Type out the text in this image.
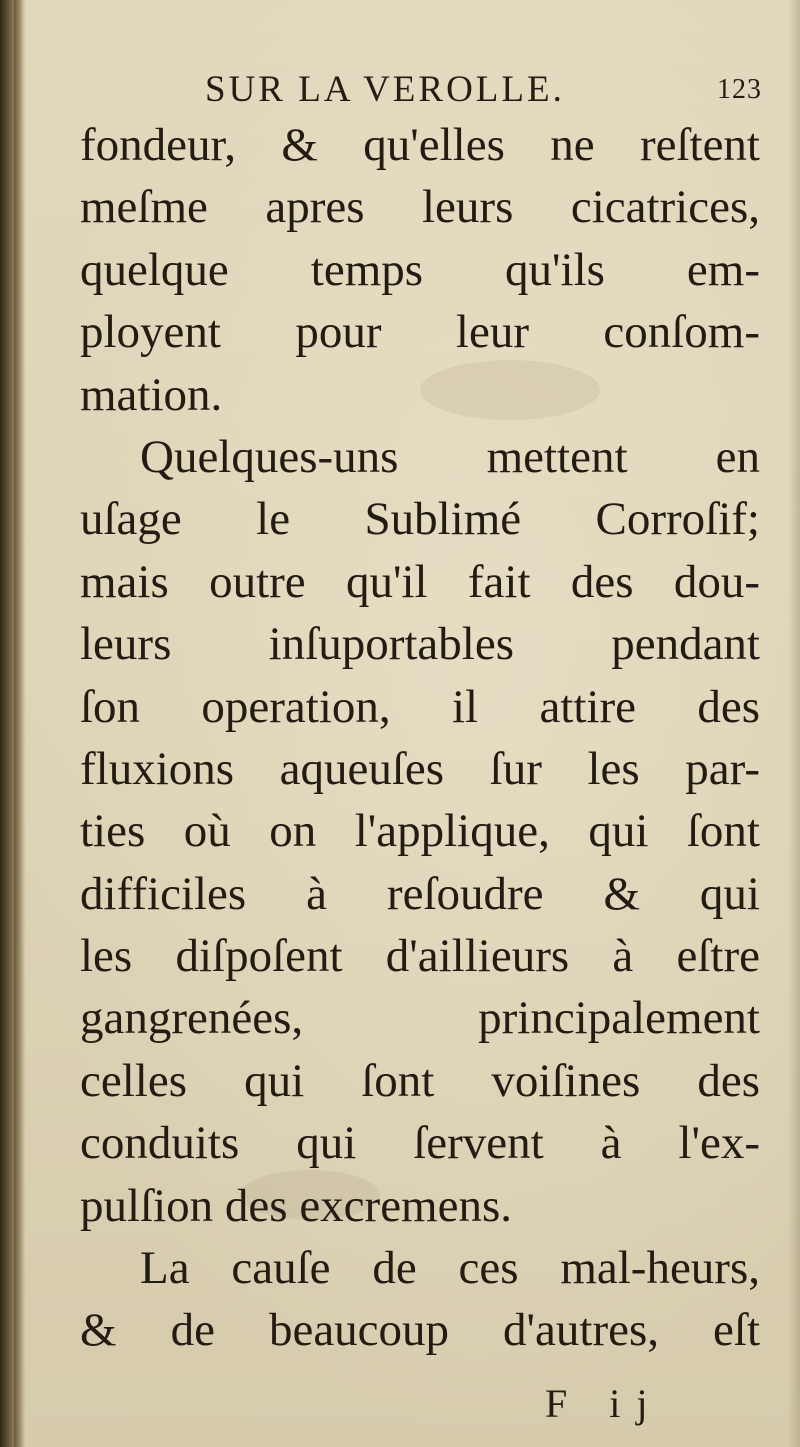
SUR LA VEROLLE.	123
fondeur, & qu'elles ne reſtent
meſme apres leurs cicatrices,
quelque temps qu'ils em-
ployent pour leur conſom-
mation.
Quelques-uns mettent en
uſage le Sublimé Corroſif;
mais outre qu'il fait des dou-
leurs inſuportables pendant
ſon operation, il attire des
fluxions aqueuſes ſur les par-
ties où on l'applique, qui ſont
difficiles à reſoudre & qui
les diſpoſent d'aillieurs à eſtre
gangrenées, principalement
celles qui ſont voiſines des
conduits qui ſervent à l'ex-
pulſion des excremens.
La cauſe de ces mal-heurs,
& de beaucoup d'autres, eſt
F ij
